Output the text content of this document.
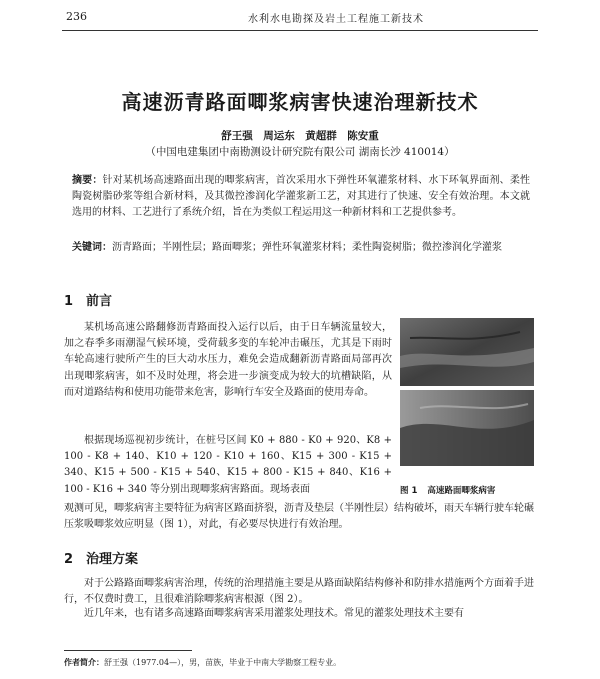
236	水利水电勘探及岩土工程施工新技术
高速沥青路面唧浆病害快速治理新技术
舒王强　周运东　黄超群　陈安重
（中国电建集团中南勘测设计研究院有限公司 湖南长沙 410014）
摘要：针对某机场高速路面出现的唧浆病害，首次采用水下弹性环氧灌浆材料、水下环氧界面剂、柔性陶瓷树脂砂浆等组合新材料，及其微控渗润化学灌浆新工艺，对其进行了快速、安全有效治理。本文就选用的材料、工艺进行了系统介绍，旨在为类似工程运用这一种新材料和工艺提供参考。
关键词：沥青路面；半刚性层；路面唧浆；弹性环氧灌浆材料；柔性陶瓷树脂；微控渗润化学灌浆
1　前言
某机场高速公路翻修沥青路面投入运行以后，由于日车辆流量较大，加之春季多雨潮湿气候环境，受荷载多变的车轮冲击碾压，尤其是下雨时车轮高速行驶所产生的巨大动水压力，难免会造成翻新沥青路面局部再次出现唧浆病害，如不及时处理，将会进一步演变成为较大的坑槽缺陷，从而对道路结构和使用功能带来危害，影响行车安全及路面的使用寿命。
根据现场巡视初步统计，在桩号区间 K0 + 880 - K0 + 920、K8 + 100 - K8 + 140、K10 + 120 - K10 + 160、K15 + 300 - K15 + 340、K15 + 500 - K15 + 540、K15 + 800 - K15 + 840、K16 + 100 - K16 + 340 等分别出现唧浆病害路面。现场表面
观测可见，唧浆病害主要特征为病害区路面挤裂，沥青及垫层（半刚性层）结构破坏，雨天车辆行驶车轮碾压浆吸唧浆效应明显（图 1），对此，有必要尽快进行有效治理。
图 1 高速路面唧浆病害
2　治理方案
对于公路路面唧浆病害治理，传统的治理措施主要是从路面缺陷结构修补和防排水措施两个方面着手进行，不仅费时费工，且很难消除唧浆病害根源（图 2）。
近几年来，也有诸多高速路面唧浆病害采用灌浆处理技术。常见的灌浆处理技术主要有
作者简介：舒王强（1977.04—），男，苗族，毕业于中南大学勘察工程专业。
